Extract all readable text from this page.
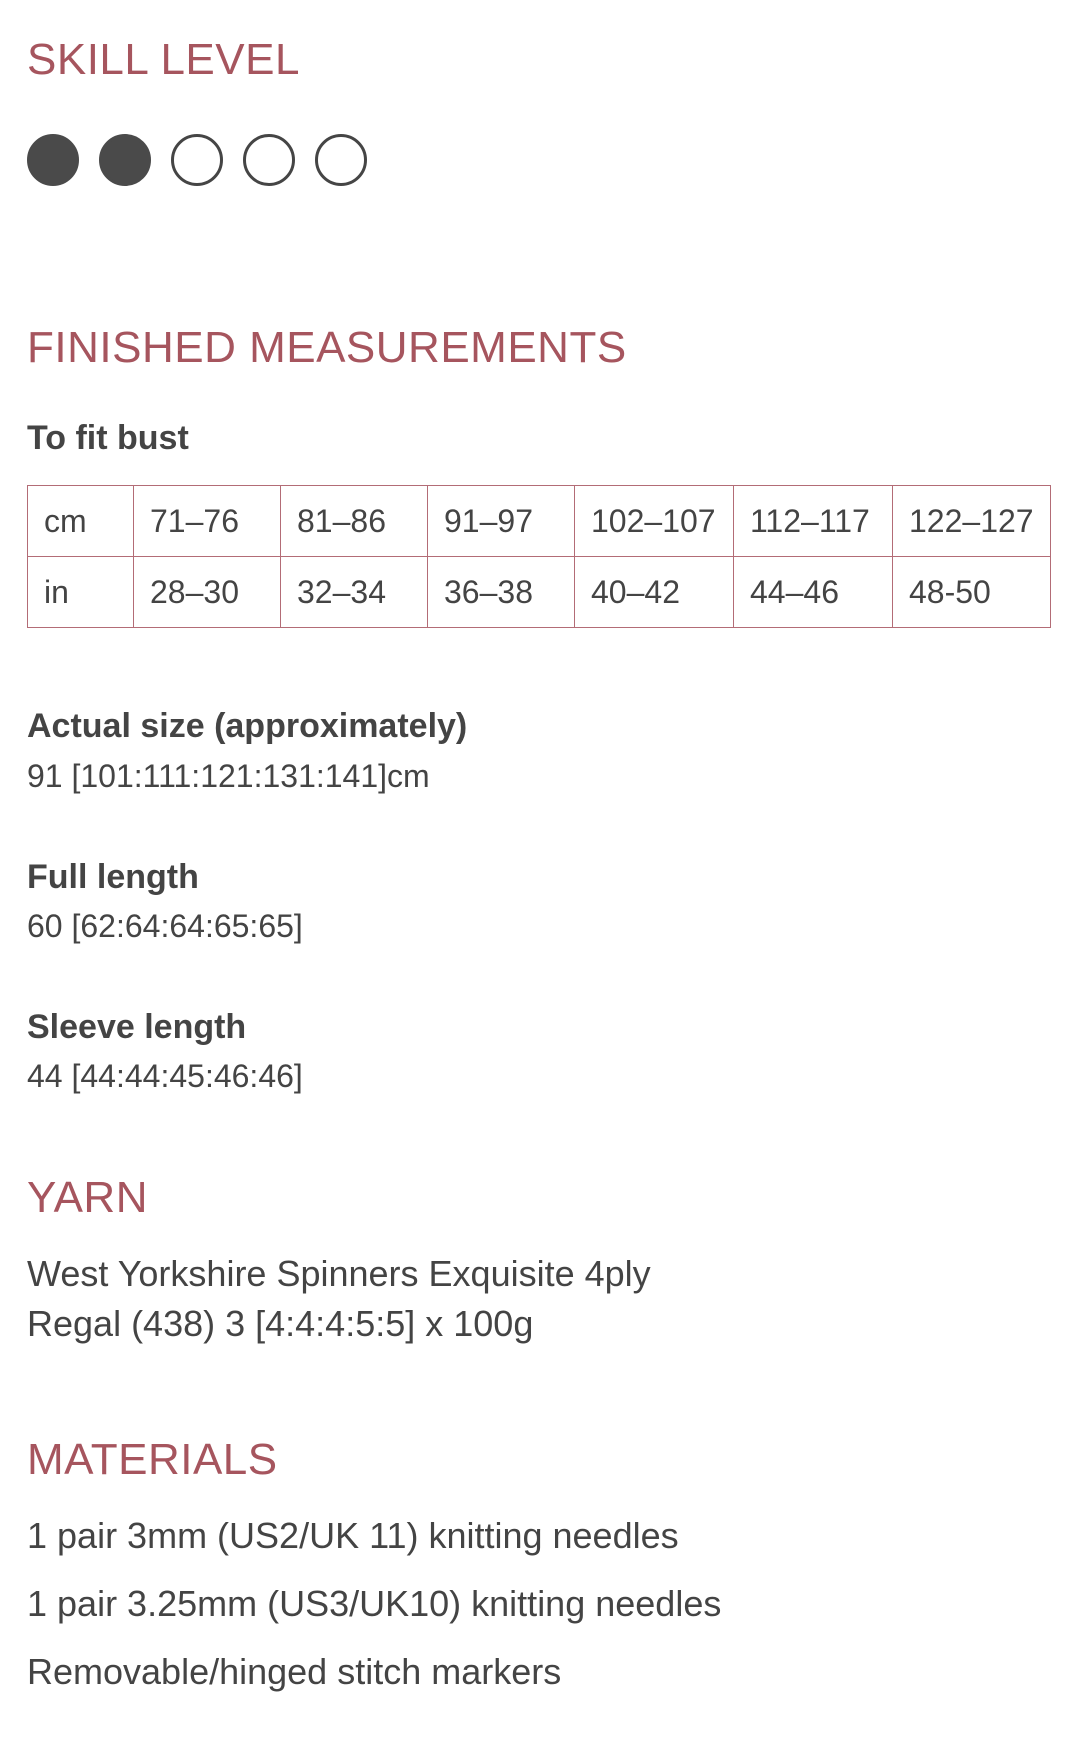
SKILL LEVEL
FINISHED MEASUREMENTS

To fit bust

cm	71–76	81–86	91–97	102–107	112–117	122–127
in	28–30	32–34	36–38	40–42	44–46	48-50

Actual size (approximately)

91 [101:111:121:131:141]cm

Full length

60 [62:64:64:65:65]

Sleeve length

44 [44:44:45:46:46]

YARN

West Yorkshire Spinners Exquisite 4ply

Regal (438) 3 [4:4:4:5:5] x 100g

MATERIALS

1 pair 3mm (US2/UK 11) knitting needles

1 pair 3.25mm (US3/UK10) knitting needles

Removable/hinged stitch markers
